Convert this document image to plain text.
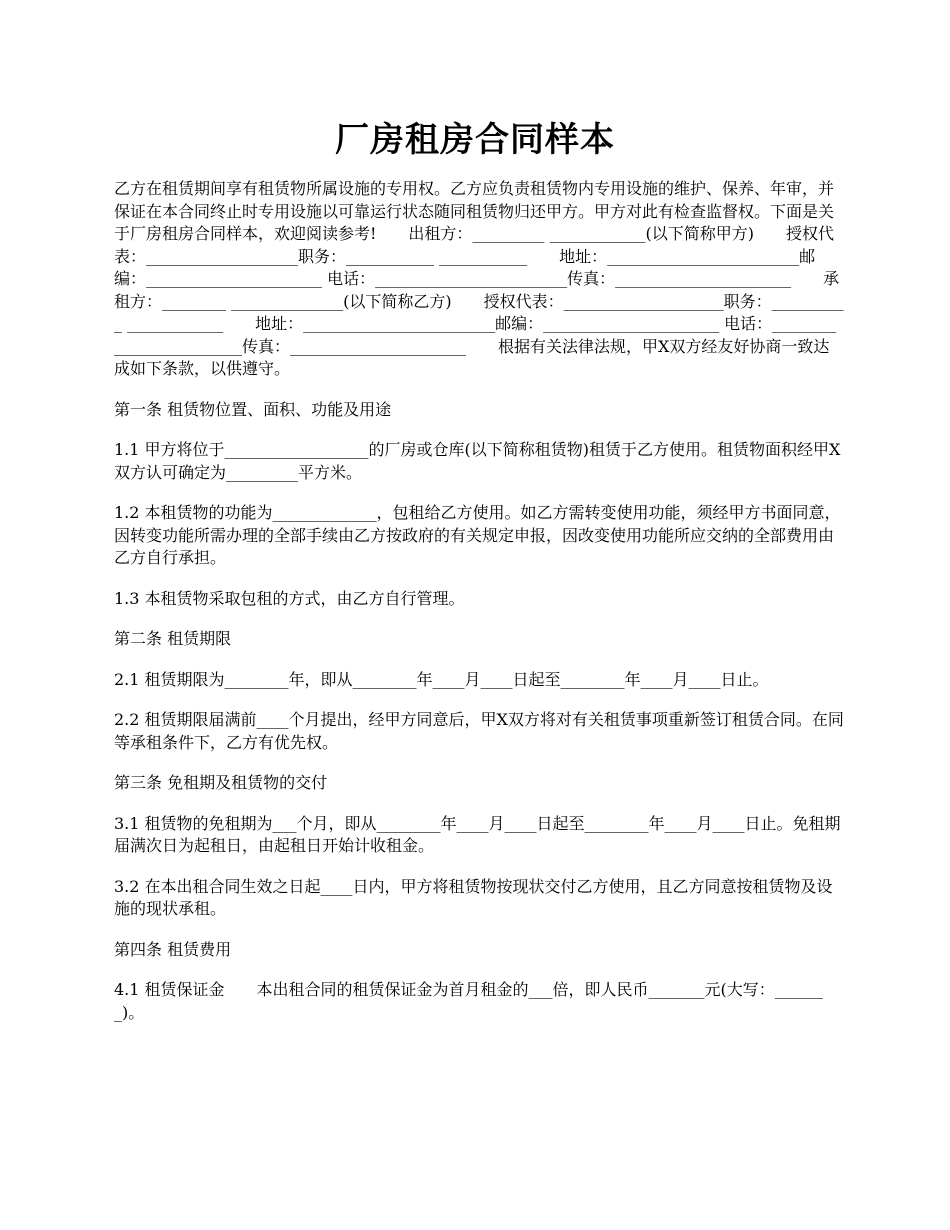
厂房租房合同样本

乙方在租赁期间享有租赁物所属设施的专用权。乙方应负责租赁物内专用设施的维护、保养、年审，并保证在本合同终止时专用设施以可靠运行状态随同租赁物归还甲方。甲方对此有检查监督权。下面是关于厂房租房合同样本，欢迎阅读参考!　　出租方：_________ ____________(以下简称甲方)　　授权代表：___________________职务：___________ ___________　　地址：________________________邮编：______________________ 电话：________________________传真：______________________　　承租方：________ ______________(以下简称乙方)　　授权代表：____________________职务：__________ ____________　　地址：________________________邮编：______________________ 电话：________________________传真：______________________　　根据有关法律法规，甲X双方经友好协商一致达成如下条款，以供遵守。

第一条 租赁物位置、面积、功能及用途

1.1 甲方将位于__________________的厂房或仓库(以下简称租赁物)租赁于乙方使用。租赁物面积经甲X双方认可确定为_________平方米。

1.2 本租赁物的功能为_____________，包租给乙方使用。如乙方需转变使用功能，须经甲方书面同意，因转变功能所需办理的全部手续由乙方按政府的有关规定申报，因改变使用功能所应交纳的全部费用由乙方自行承担。

1.3 本租赁物采取包租的方式，由乙方自行管理。

第二条 租赁期限

2.1 租赁期限为________年，即从________年____月____日起至________年____月____日止。

2.2 租赁期限届满前____个月提出，经甲方同意后，甲X双方将对有关租赁事项重新签订租赁合同。在同等承租条件下，乙方有优先权。

第三条 免租期及租赁物的交付

3.1 租赁物的免租期为___个月，即从________年____月____日起至________年____月____日止。免租期届满次日为起租日，由起租日开始计收租金。

3.2 在本出租合同生效之日起____日内，甲方将租赁物按现状交付乙方使用，且乙方同意按租赁物及设施的现状承租。

第四条 租赁费用

4.1 租赁保证金　　本出租合同的租赁保证金为首月租金的___倍，即人民币_______元(大写：______ _)。
